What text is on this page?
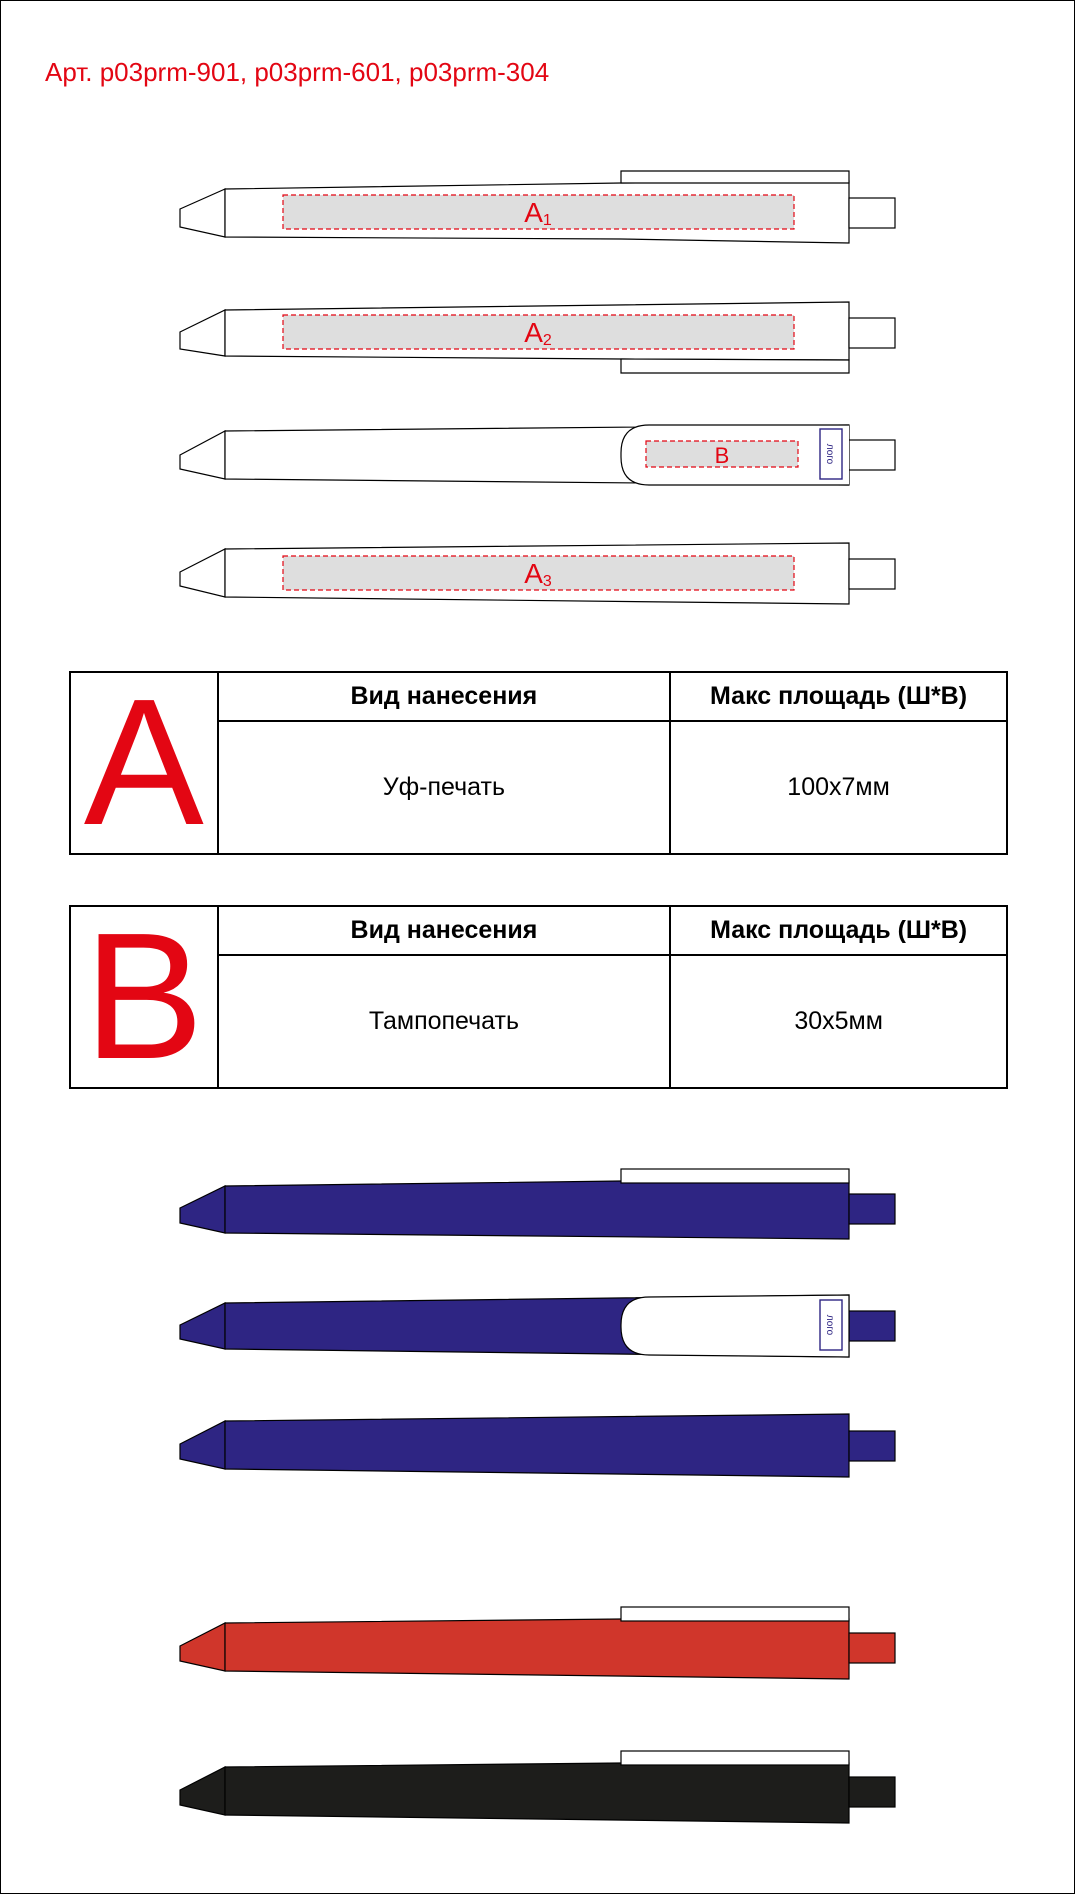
Арт. p03prm-901, p03prm-601, p03prm-304
A1
A2
B	лого
A3
лого
A	Вид нанесения	Макс площадь (Ш*В)
	Уф-печать	100х7мм
B	Вид нанесения	Макс площадь (Ш*В)
	Тампопечать	30х5мм
